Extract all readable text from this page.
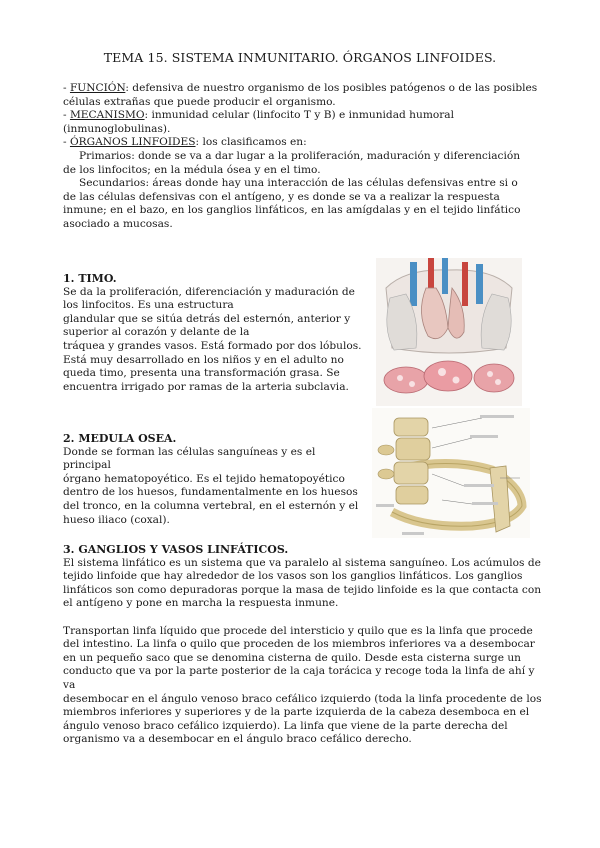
TEMA 15. SISTEMA INMUNITARIO. ÓRGANOS LINFOIDES.
- FUNCIÓN: defensiva de nuestro organismo de los posibles patógenos o de las posibles
células extrañas que puede producir el organismo.
- MECANISMO: inmunidad celular (linfocito T y B) e inmunidad humoral
(inmunoglobulinas).
- ÓRGANOS LINFOIDES: los clasificamos en:
Primarios: donde se va a dar lugar a la proliferación, maduración y diferenciación
de los linfocitos; en la médula ósea y en el timo.
Secundarios: áreas donde hay una interacción de las células defensivas entre si o
de las células defensivas con el antígeno, y es donde se va a realizar la respuesta
inmune; en el bazo, en los ganglios linfáticos, en las amígdalas y en el tejido linfático
asociado a mucosas.
1. TIMO.
Se da la proliferación, diferenciación y maduración de
los linfocitos. Es una estructura
glandular que se sitúa detrás del esternón, anterior y
superior al corazón y delante de la
tráquea y grandes vasos. Está formado por dos lóbulos.
Está muy desarrollado en los niños y en el adulto no
queda timo, presenta una transformación grasa. Se
encuentra irrigado por ramas de la arteria subclavia.
2. MEDULA OSEA.
Donde se forman las células sanguíneas y es el principal
órgano hematopoyético. Es el tejido hematopoyético
dentro de los huesos, fundamentalmente en los huesos
del tronco, en la columna vertebral, en el esternón y el
hueso iliaco (coxal).
3. GANGLIOS Y VASOS LINFÁTICOS.
El sistema linfático es un sistema que va paralelo al sistema sanguíneo. Los acúmulos de
tejido linfoide que hay alrededor de los vasos son los ganglios linfáticos. Los ganglios
linfáticos son como depuradoras porque la masa de tejido linfoide es la que contacta con
el antígeno y pone en marcha la respuesta inmune.
Transportan linfa líquido que procede del intersticio y quilo que es la linfa que procede
del intestino. La linfa o quilo que proceden de los miembros inferiores va a desembocar
en un pequeño saco que se denomina cisterna de quilo. Desde esta cisterna surge un
conducto que va por la parte posterior de la caja torácica y recoge toda la linfa de ahí y va
desembocar en el ángulo venoso braco cefálico izquierdo (toda la linfa procedente de los
miembros inferiores y superiores y de la parte izquierda de la cabeza desemboca en el
ángulo venoso braco cefálico izquierdo). La linfa que viene de la parte derecha del
organismo va a desembocar en el ángulo braco cefálico derecho.
